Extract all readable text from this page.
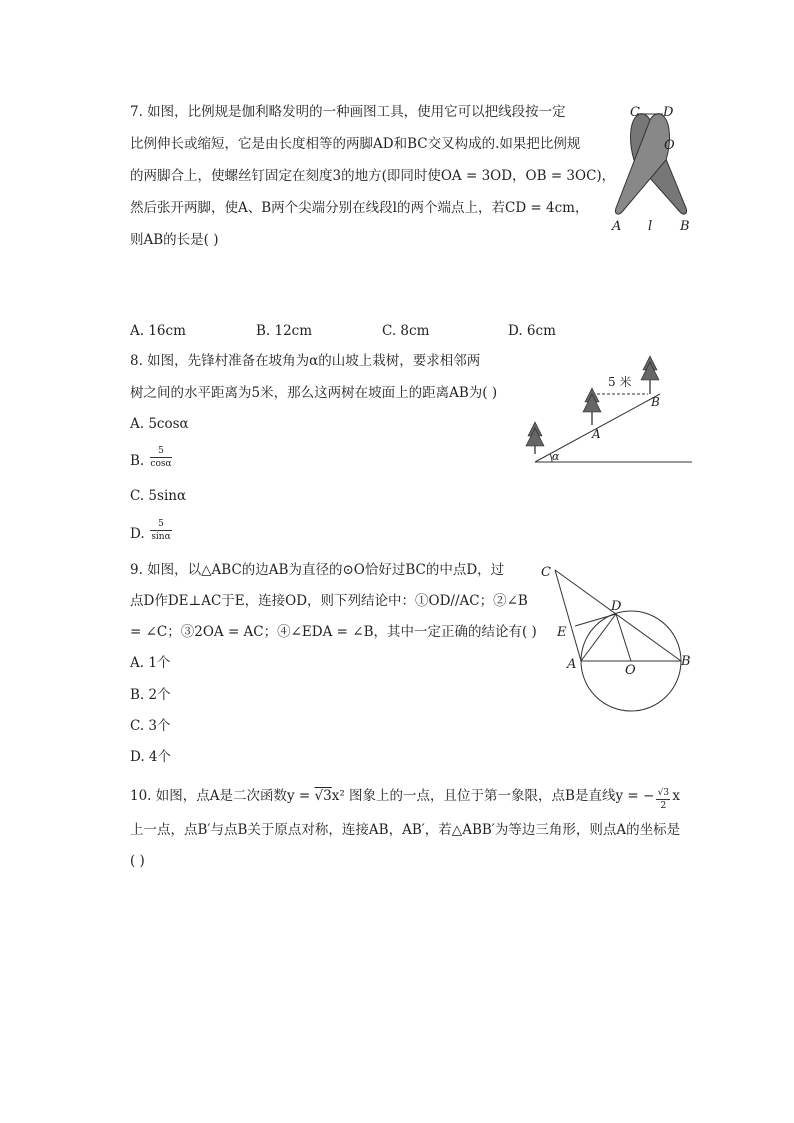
7. 如图，比例规是伽利略发明的一种画图工具，使用它可以把线段按一定
比例伸长或缩短，它是由长度相等的两脚AD和BC交叉构成的.如果把比例规
的两脚合上，使螺丝钉固定在刻度3的地方(即同时使OA = 3OD，OB = 3OC)，
然后张开两脚，使A、B两个尖端分别在线段l的两个端点上，若CD = 4cm，
则AB的长是( )
A. 16cm	B. 12cm	C. 8cm	D. 6cm
C D
O
A l B
8. 如图，先锋村准备在坡角为α的山坡上栽树，要求相邻两
树之间的水平距离为5米，那么这两树在坡面上的距离AB为( )
A. 5cosα
B.
5
cosα
C. 5sinα
D.
5
sinα
5 米
A
B
α
9. 如图，以△ABC的边AB为直径的⊙O恰好过BC的中点D，过
点D作DE⊥AC于E，连接OD，则下列结论中：①OD//AC；②∠B
= ∠C；③2OA = AC；④∠EDA = ∠B，其中一定正确的结论有( )
A. 1个
B. 2个
C. 3个
D. 4个
C
D
E
A	O
B
10. 如图，点A是二次函数y = √3x² 图象上的一点，且位于第一象限，点B是直线y = − $\frac{√3}{2}$ x
上一点，点B′与点B关于原点对称，连接AB，AB′，若△ABB′为等边三角形，则点A的坐标是
( )
